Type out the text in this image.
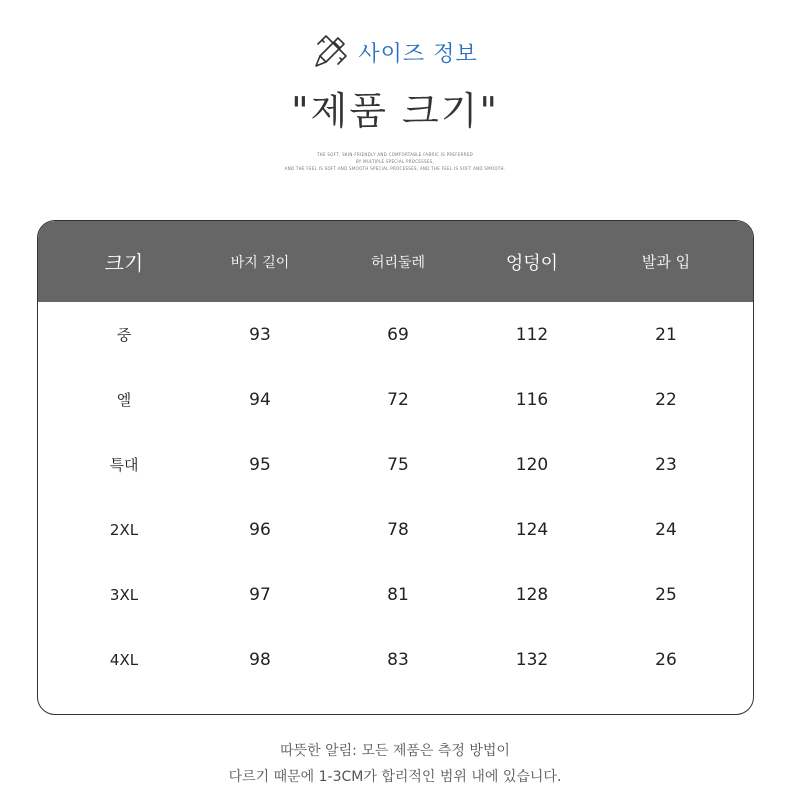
사이즈 정보
"제품 크기"
THE SOFT, SKIN-FRIENDLY AND COMFORTABLE FABRIC IS PREFERRED
BY MULTIPLE SPECIAL PROCESSES,
AND THE FEEL IS SOFT AND SMOOTH SPECIAL PROCESSES, AND THE FEEL IS SOFT AND SMOOTH.
크기	바지 길이	허리둘레	엉덩이	발과 입
중	93	69	112	21
엘	94	72	116	22
특대	95	75	120	23
2XL	96	78	124	24
3XL	97	81	128	25
4XL	98	83	132	26
따뜻한 알림: 모든 제품은 측정 방법이
다르기 때문에 1-3CM가 합리적인 범위 내에 있습니다.
